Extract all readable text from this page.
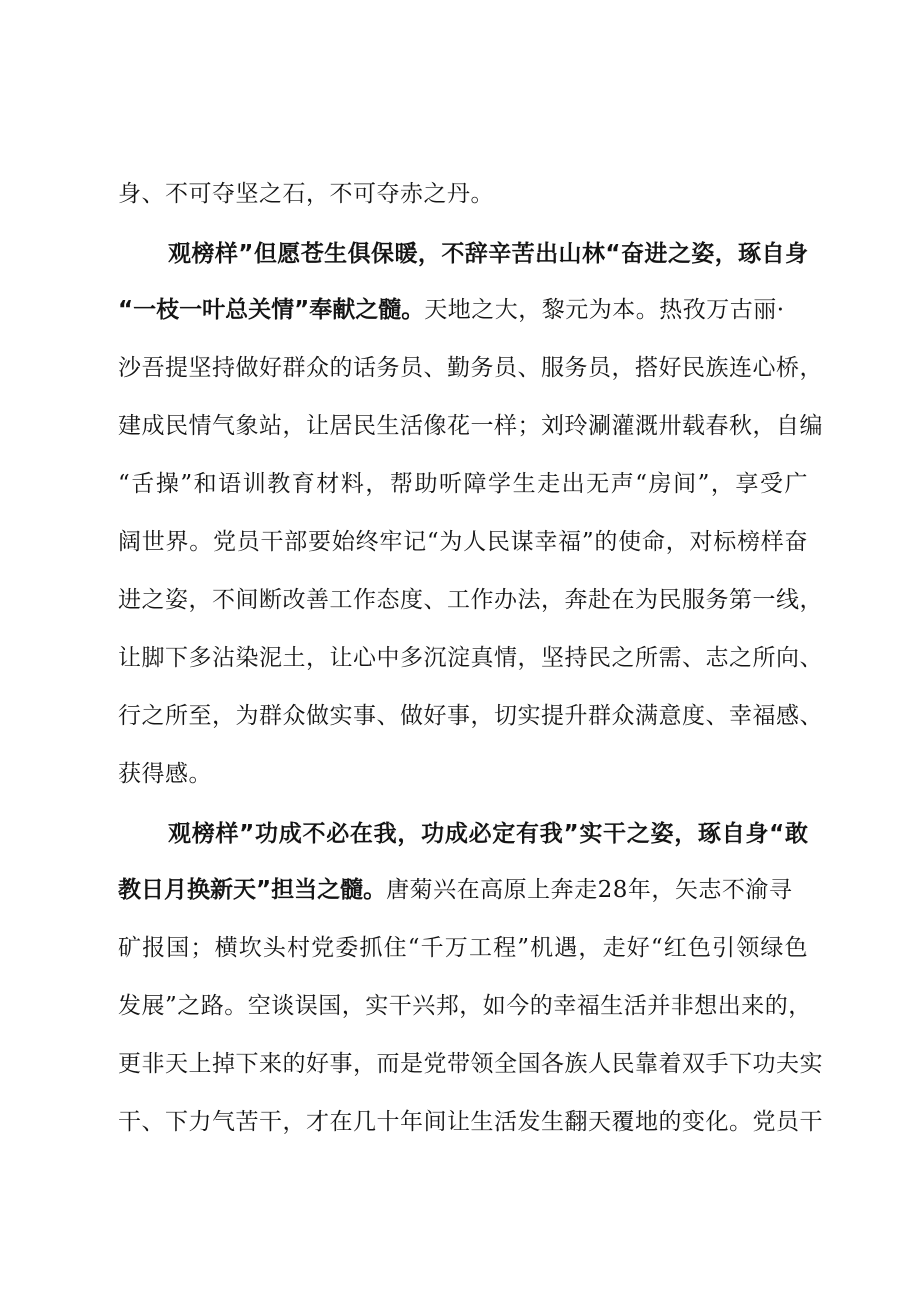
身、不可夺坚之石，不可夺赤之丹。
观榜样”但愿苍生俱保暖，不辞辛苦出山林“奋进之姿，琢自身
“一枝一叶总关情”奉献之髓。天地之大，黎元为本。热孜万古丽·
沙吾提坚持做好群众的话务员、勤务员、服务员，搭好民族连心桥，
建成民情气象站，让居民生活像花一样；刘玲涮灌溉卅载春秋，自编
“舌操”和语训教育材料，帮助听障学生走出无声“房间”，享受广
阔世界。党员干部要始终牢记“为人民谋幸福”的使命，对标榜样奋
进之姿，不间断改善工作态度、工作办法，奔赴在为民服务第一线，
让脚下多沾染泥土，让心中多沉淀真情，坚持民之所需、志之所向、
行之所至，为群众做实事、做好事，切实提升群众满意度、幸福感、
获得感。
观榜样”功成不必在我，功成必定有我”实干之姿，琢自身“敢
教日月换新天”担当之髓。唐菊兴在高原上奔走28年，矢志不渝寻
矿报国；横坎头村党委抓住“千万工程”机遇，走好“红色引领绿色
发展”之路。空谈误国，实干兴邦，如今的幸福生活并非想出来的，
更非天上掉下来的好事，而是党带领全国各族人民靠着双手下功夫实
干、下力气苦干，才在几十年间让生活发生翻天覆地的变化。党员干
